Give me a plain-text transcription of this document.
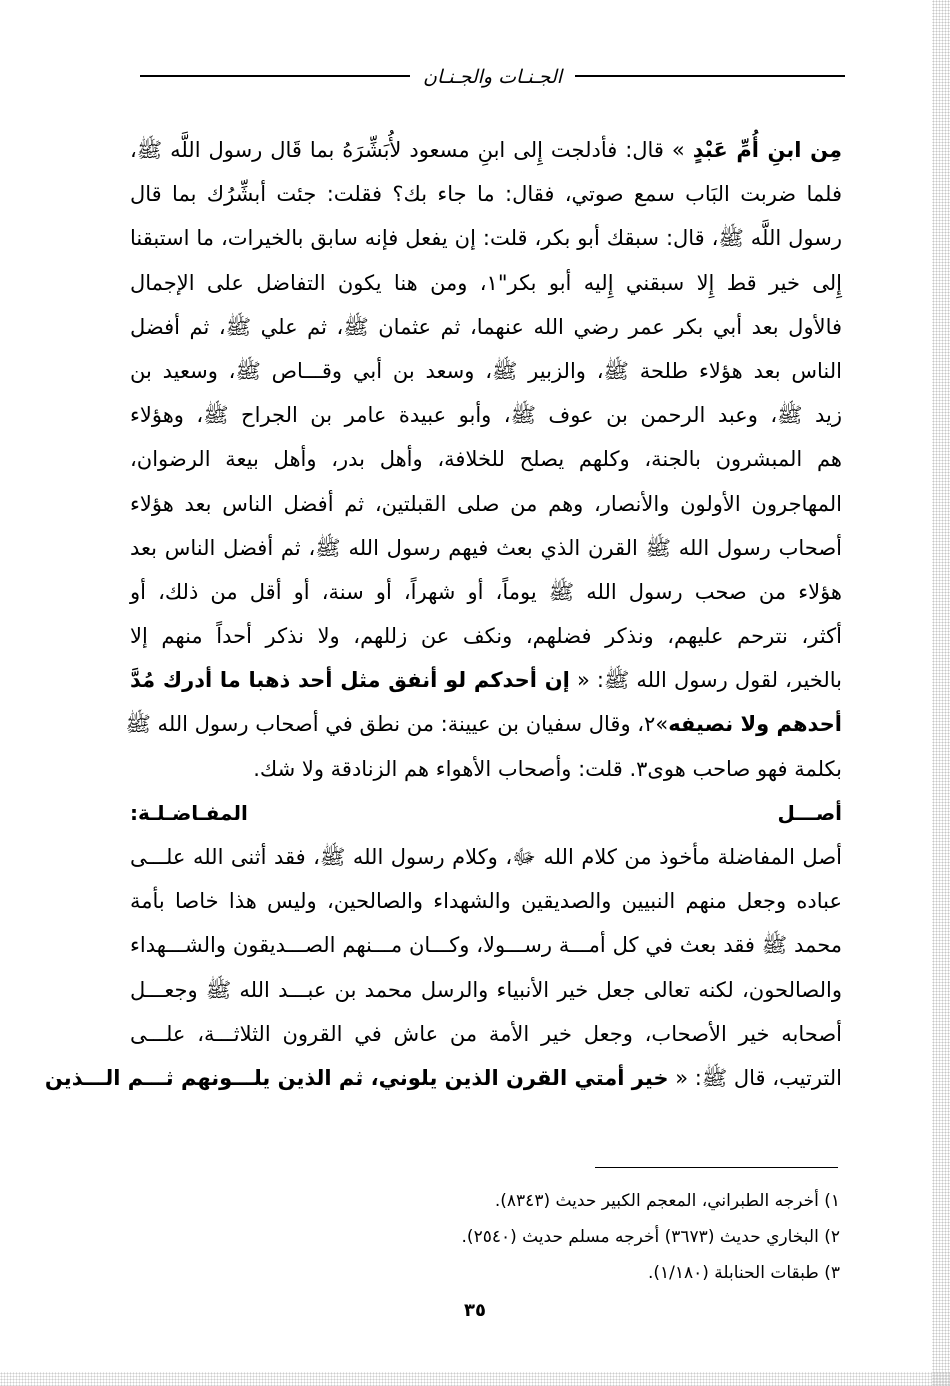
الجـنـات والجـنـان
مِن ابنِ أُمِّ عَبْدٍ » قال: فأدلجت إِلى ابنِ مسعود لأُبَشِّرَهُ بما قَال رسول اللَّه ﷺ،
فلما ضربت البَاب سمع صوتي، فقال: ما جاء بك؟ فقلت: جئت أبشِّرُك بما قال
رسول اللَّه ﷺ، قال: سبقك أبو بكر، قلت: إن يفعل فإنه سابق بالخيرات، ما استبقنا
إِلى خير قط إِلا سبقني إِليه أبو بكر"١، ومن هنا يكون التفاضل على الإجمال
فالأول بعد أبي بكر عمر رضي الله عنهما، ثم عثمان ﷺ، ثم علي ﷺ، ثم أفضل
الناس بعد هؤلاء طلحة ﷺ، والزبير ﷺ، وسعد بن أبي وقـــاص ﷺ، وسعيد بن
زيد ﷺ، وعبد الرحمن بن عوف ﷺ، وأبو عبيدة عامر بن الجراح ﷺ، وهؤلاء
هم المبشرون بالجنة، وكلهم يصلح للخلافة، وأهل بدر، وأهل بيعة الرضوان،
المهاجرون الأولون والأنصار، وهم من صلى القبلتين، ثم أفضل الناس بعد هؤلاء
أصحاب رسول الله ﷺ القرن الذي بعث فيهم رسول الله ﷺ، ثم أفضل الناس بعد
هؤلاء من صحب رسول الله ﷺ يوماً، أو شهراً، أو سنة، أو أقل من ذلك، أو
أكثر، نترحم عليهم، ونذكر فضلهم، ونكف عن زللهم، ولا نذكر أحداً منهم إلا
بالخير، لقول رسول الله ﷺ: « إن أحدكم لو أنفق مثل أحد ذهبا ما أدرك مُدَّ
أحدهم ولا نصيفه»٢، وقال سفيان بن عيينة: من نطق في أصحاب رسول الله ﷺ
بكلمة فهو صاحب هوى٣. قلت: وأصحاب الأهواء هم الزنادقة ولا شك.
أصـــل المفـاضـلـة:
أصل المفاضلة مأخوذ من كلام الله ﷻ، وكلام رسول الله ﷺ، فقد أثنى الله علـــى
عباده وجعل منهم النبيين والصديقين والشهداء والصالحين، وليس هذا خاصا بأمة
محمد ﷺ فقد بعث في كل أمـــة رســـولا، وكـــان مـــنهم الصـــديقون والشـــهداء
والصالحون، لكنه تعالى جعل خير الأنبياء والرسل محمد بن عبـــد الله ﷺ وجعـــل
أصحابه خير الأصحاب، وجعل خير الأمة من عاش في القرون الثلاثـــة، علـــى
الترتيب، قال ﷺ: « خير أمتي القرن الذين يلوني، ثم الذين يلـــونهم ثـــم الـــذين
١) أخرجه الطبراني، المعجم الكبير حديث (٨٣٤٣).
٢) البخاري حديث (٣٦٧٣) أخرجه مسلم حديث (٢٥٤٠).
٣) طبقات الحنابلة (١/١٨٠).
٣٥
